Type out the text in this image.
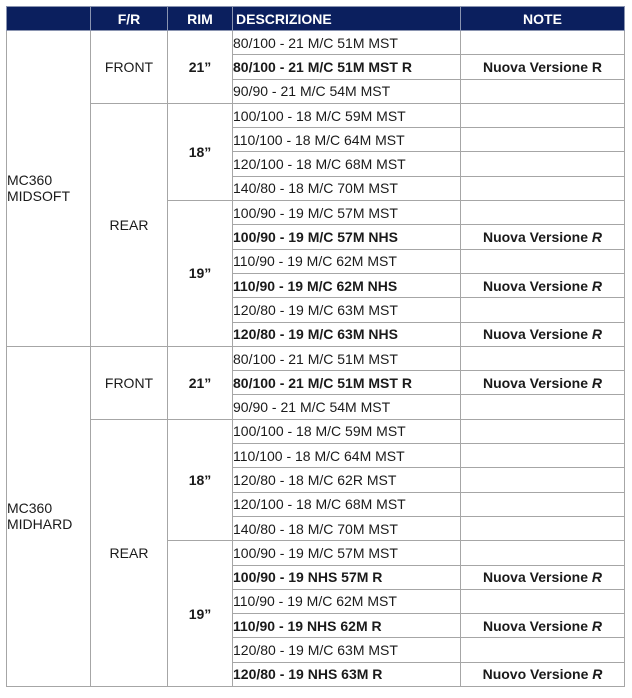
	F/R	RIM	DESCRIZIONE	NOTE

MC360
MIDSOFT	FRONT	21”	80/100 - 21 M/C 51M MST	
			80/100 - 21 M/C 51M MST R	Nuova Versione R
			90/90 - 21 M/C 54M MST	
	REAR	18”	100/100 - 18 M/C 59M MST	
			110/100 - 18 M/C 64M MST	
			120/100 - 18 M/C 68M MST	
			140/80 - 18 M/C 70M MST	
		19”	100/90 - 19 M/C 57M MST	
			100/90 - 19 M/C 57M NHS	Nuova Versione R
			110/90 - 19 M/C 62M MST	
			110/90 - 19 M/C 62M NHS	Nuova Versione R
			120/80 - 19 M/C 63M MST	
			120/80 - 19 M/C 63M NHS	Nuova Versione R

MC360
MIDHARD	FRONT	21”	80/100 - 21 M/C 51M MST	
			80/100 - 21 M/C 51M MST R	Nuova Versione R
			90/90 - 21 M/C 54M MST	
	REAR	18”	100/100 - 18 M/C 59M MST	
			110/100 - 18 M/C 64M MST	
			120/80 - 18 M/C 62R MST	
			120/100 - 18 M/C 68M MST	
			140/80 - 18 M/C 70M MST	
		19”	100/90 - 19 M/C 57M MST	
			100/90 - 19 NHS 57M R	Nuova Versione R
			110/90 - 19 M/C 62M MST	
			110/90 - 19 NHS 62M R	Nuova Versione R
			120/80 - 19 M/C 63M MST	
			120/80 - 19 NHS 63M R	Nuovo Versione R
